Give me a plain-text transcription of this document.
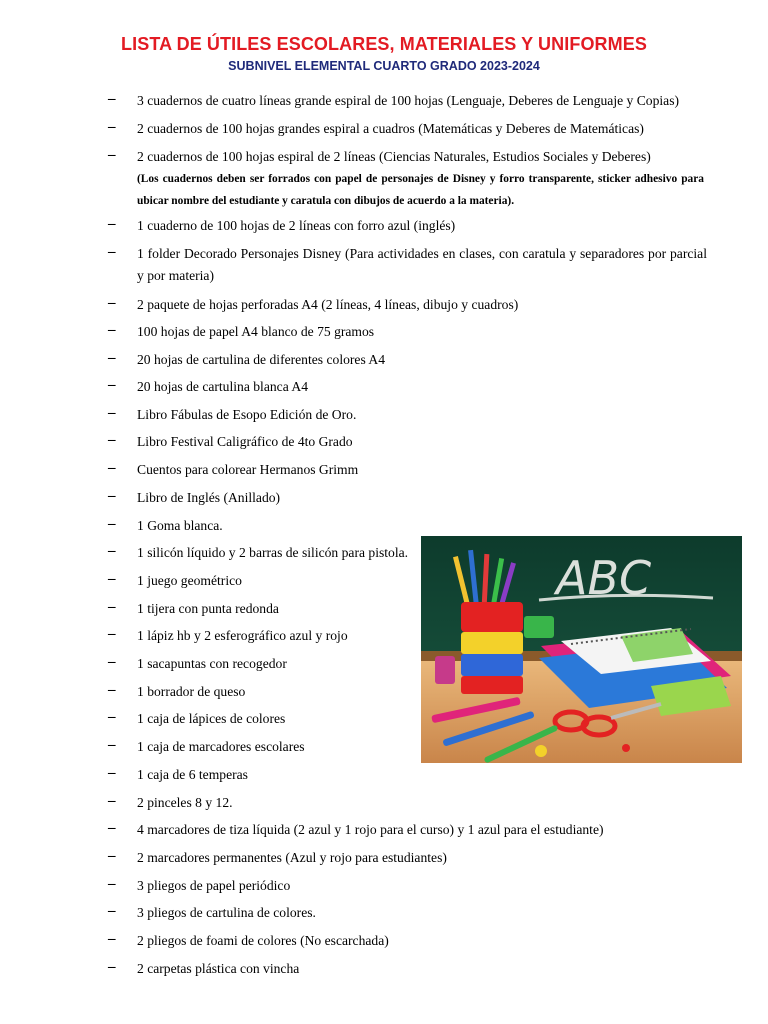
LISTA DE ÚTILES ESCOLARES, MATERIALES Y UNIFORMES
SUBNIVEL ELEMENTAL CUARTO GRADO 2023-2024
– 3 cuadernos de cuatro líneas grande espiral de 100 hojas (Lenguaje, Deberes de Lenguaje y Copias)
– 2 cuadernos de 100 hojas grandes espiral a cuadros (Matemáticas y Deberes de Matemáticas)
– 2 cuadernos de 100 hojas espiral de 2 líneas (Ciencias Naturales, Estudios Sociales y Deberes)
(Los cuadernos deben ser forrados con papel de personajes de Disney y forro transparente, sticker adhesivo para ubicar nombre del estudiante y caratula con dibujos de acuerdo a la materia).
– 1 cuaderno de 100 hojas de 2 líneas con forro azul (inglés)
– 1 folder Decorado Personajes Disney (Para actividades en clases, con caratula y separadores por parcial y por materia)
– 2 paquete de hojas perforadas A4 (2 líneas, 4 líneas, dibujo y cuadros)
– 100 hojas de papel A4 blanco de 75 gramos
– 20 hojas de cartulina de diferentes colores A4
– 20 hojas de cartulina blanca A4
– Libro Fábulas de Esopo Edición de Oro.
– Libro Festival Caligráfico de 4to Grado
– Cuentos para colorear Hermanos Grimm
– Libro de Inglés (Anillado)
– 1 Goma blanca.
– 1 silicón líquido y 2 barras de silicón para pistola.
– 1 juego geométrico
– 1 tijera con punta redonda
– 1 lápiz hb y 2 esferográfico azul y rojo
– 1 sacapuntas con recogedor
– 1 borrador de queso
– 1 caja de lápices de colores
– 1 caja de marcadores escolares
– 1 caja de 6 temperas
– 2 pinceles 8 y 12.
– 4 marcadores de tiza líquida (2 azul y 1 rojo para el curso) y 1 azul para el estudiante)
– 2 marcadores permanentes (Azul y rojo para estudiantes)
– 3 pliegos de papel periódico
– 3 pliegos de cartulina de colores.
– 2 pliegos de foami de colores (No escarchada)
– 2 carpetas plástica con vincha
ABC
